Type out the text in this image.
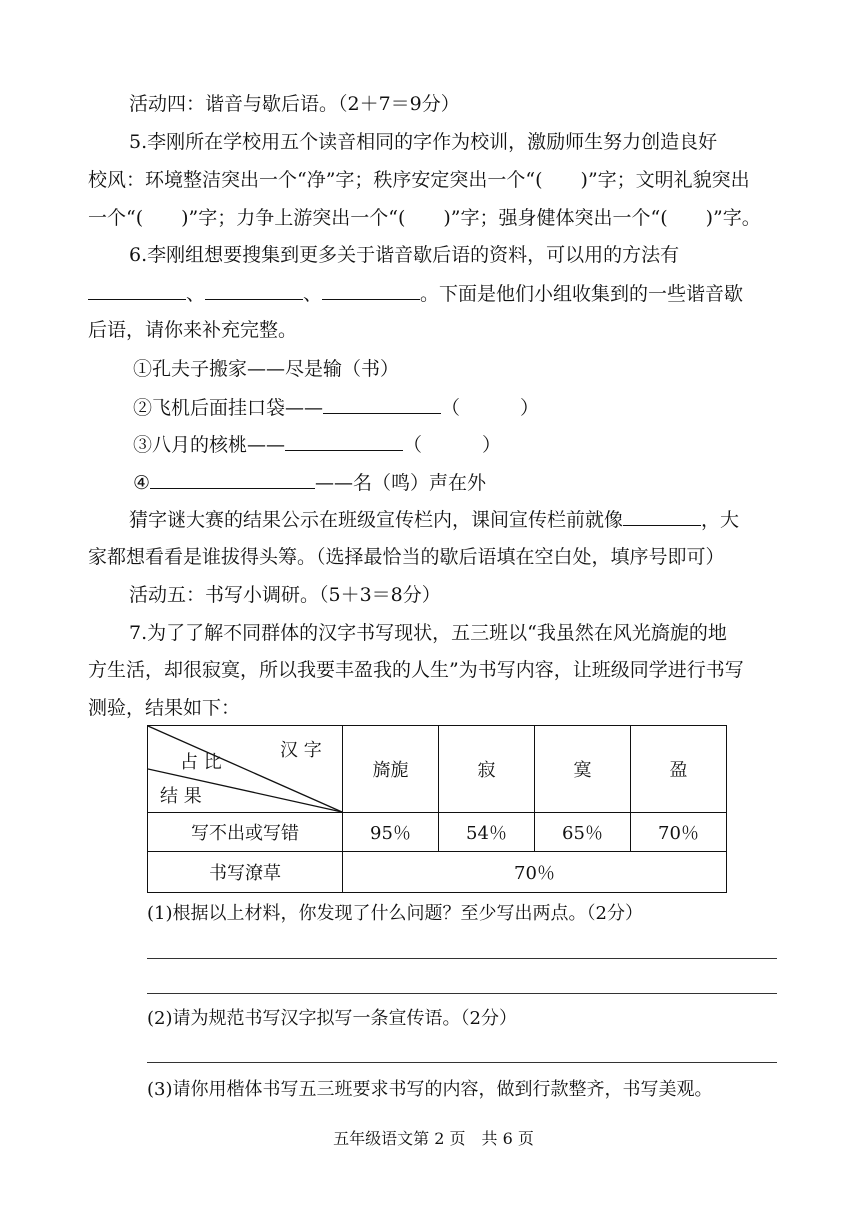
活动四：谐音与歇后语。（2＋7＝9分）
5.李刚所在学校用五个读音相同的字作为校训，激励师生努力创造良好
校风：环境整洁突出一个“净”字；秩序安定突出一个“(　　)”字；文明礼貌突出
一个“(　　)”字；力争上游突出一个“(　　)”字；强身健体突出一个“(　　)”字。
6.李刚组想要搜集到更多关于谐音歇后语的资料，可以用的方法有
、	、	。下面是他们小组收集到的一些谐音歇
后语，请你来补充完整。
①孔夫子搬家——尽是输（书）
②飞机后面挂口袋——	（	）
③八月的核桃——	（	）
④	——名（鸣）声在外
猜字谜大赛的结果公示在班级宣传栏内，课间宣传栏前就像	，大
家都想看看是谁拔得头筹。（选择最恰当的歇后语填在空白处，填序号即可）
活动五：书写小调研。（5＋3＝8分）
7.为了了解不同群体的汉字书写现状，五三班以“我虽然在风光旖旎的地
方生活，却很寂寞，所以我要丰盈我的人生”为书写内容，让班级同学进行书写
测验，结果如下：
汉 字
占 比
结 果	旖旎	寂	寞	盈
写不出或写错	95％	54％	65％	70％
书写潦草	70％			
(1)根据以上材料，你发现了什么问题？至少写出两点。（2分）
(2)请为规范书写汉字拟写一条宣传语。（2分）
(3)请你用楷体书写五三班要求书写的内容，做到行款整齐，书写美观。
五年级语文第 2 页　共 6 页
